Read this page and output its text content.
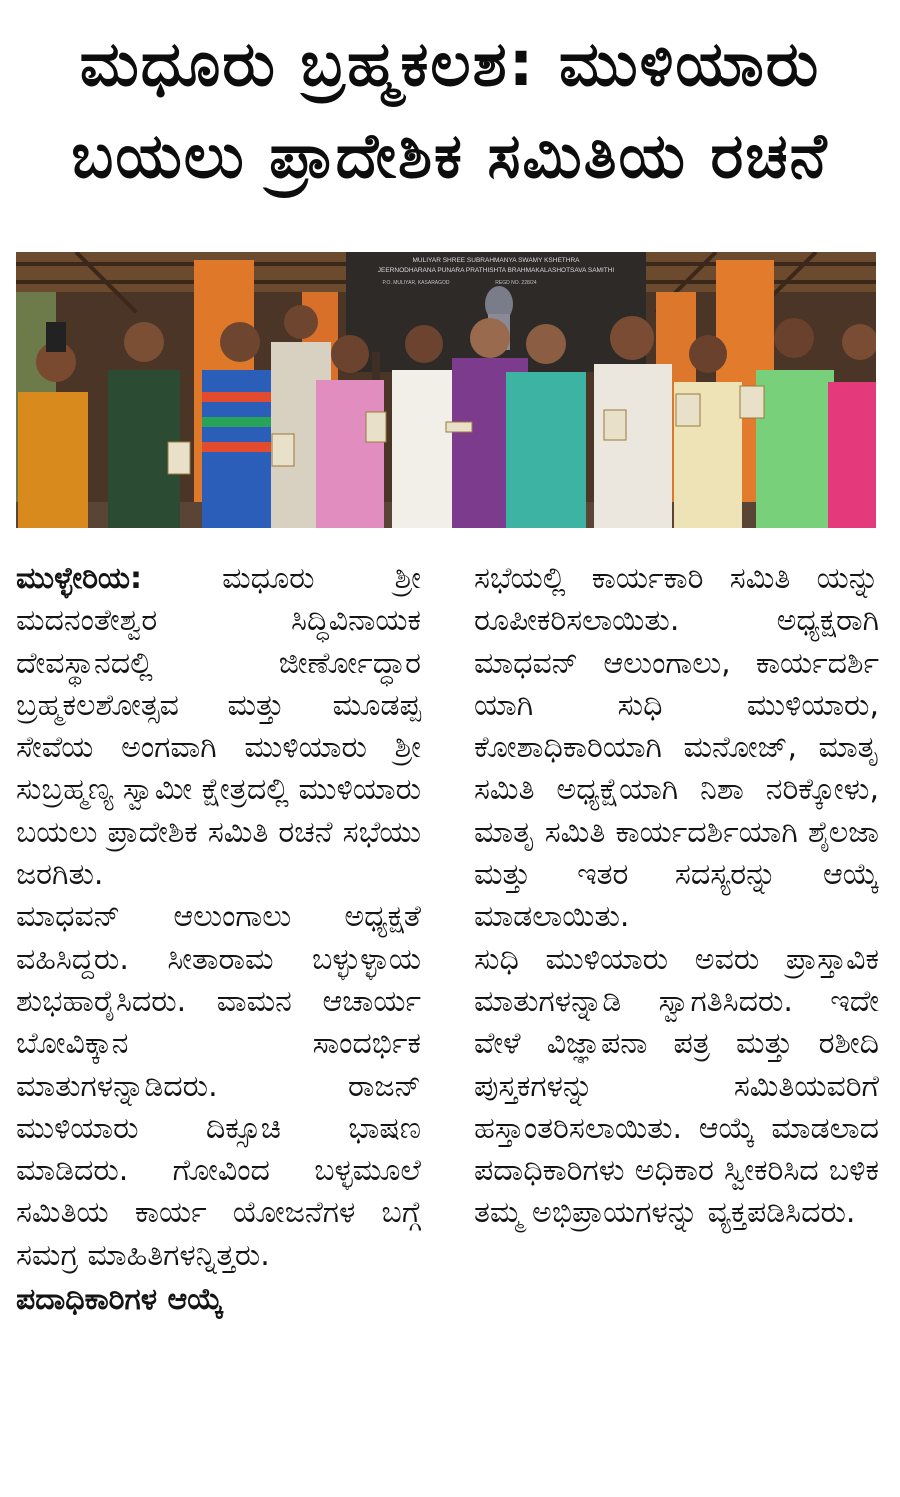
ಮಧೂರು ಬ್ರಹ್ಮಕಲಶ: ಮುಳಿಯಾರು
ಬಯಲು ಪ್ರಾದೇಶಿಕ ಸಮಿತಿಯ ರಚನೆ
MULIYAR SHREE SUBRAHMANYA SWAMY KSHETHRA
JEERNODHARANA PUNARA PRATHISHTA BRAHMAKALASHOTSAVA SAMITHI
P.O. MULIYAR, KASARAGOD	REGD NO. 228/24

ಮುಳ್ಳೇರಿಯ:	ಮಧೂರು ಶ್ರೀ ಮದನಂತೇಶ್ವರ ಸಿದ್ಧಿವಿನಾಯಕ ದೇವಸ್ಥಾನದಲ್ಲಿ ಜೀರ್ಣೋದ್ಧಾರ ಬ್ರಹ್ಮಕಲಶೋತ್ಸವ ಮತ್ತು ಮೂಡಪ್ಪ ಸೇವೆಯ ಅಂಗವಾಗಿ ಮುಳಿಯಾರು ಶ್ರೀ ಸುಬ್ರಹ್ಮಣ್ಯ ಸ್ವಾಮೀ ಕ್ಷೇತ್ರದಲ್ಲಿ ಮುಳಿಯಾರು ಬಯಲು ಪ್ರಾದೇಶಿಕ ಸಮಿತಿ ರಚನೆ ಸಭೆಯು ಜರಗಿತು.

ಮಾಧವನ್ ಆಲುಂಗಾಲು ಅಧ್ಯಕ್ಷತೆ ವಹಿಸಿದ್ದರು. ಸೀತಾರಾಮ ಬಳ್ಳುಳ್ಳಾಯ ಶುಭಹಾರೈಸಿದರು. ವಾಮನ ಆಚಾರ್ಯ ಬೋವಿಕ್ಕಾನ ಸಾಂದರ್ಭಿಕ ಮಾತುಗಳನ್ನಾಡಿದರು. ರಾಜನ್ ಮುಳಿಯಾರು ದಿಕ್ಸೂಚಿ ಭಾಷಣ ಮಾಡಿದರು. ಗೋವಿಂದ ಬಳ್ಳಮೂಲೆ ಸಮಿತಿಯ ಕಾರ್ಯ ಯೋಜನೆಗಳ ಬಗ್ಗೆ ಸಮಗ್ರ ಮಾಹಿತಿಗಳನ್ನಿತ್ತರು.

ಪದಾಧಿಕಾರಿಗಳ ಆಯ್ಕೆ

ಸಭೆಯಲ್ಲಿ ಕಾರ್ಯಕಾರಿ ಸಮಿತಿ ಯನ್ನು ರೂಪೀಕರಿಸಲಾಯಿತು. ಅಧ್ಯಕ್ಷರಾಗಿ ಮಾಧವನ್ ಆಲುಂಗಾಲು, ಕಾರ್ಯದರ್ಶಿ ಯಾಗಿ ಸುಧಿ ಮುಳಿಯಾರು, ಕೋಶಾಧಿಕಾರಿಯಾಗಿ ಮನೋಜ್, ಮಾತೃ ಸಮಿತಿ ಅಧ್ಯಕ್ಷೆಯಾಗಿ ನಿಶಾ ನರಿಕ್ಕೋಳು, ಮಾತೃ ಸಮಿತಿ ಕಾರ್ಯದರ್ಶಿಯಾಗಿ ಶೈಲಜಾ ಮತ್ತು ಇತರ ಸದಸ್ಯರನ್ನು ಆಯ್ಕೆ ಮಾಡಲಾಯಿತು.

ಸುಧಿ ಮುಳಿಯಾರು ಅವರು ಪ್ರಾಸ್ತಾವಿಕ ಮಾತುಗಳನ್ನಾಡಿ ಸ್ವಾಗತಿಸಿದರು. ಇದೇ ವೇಳೆ ವಿಜ್ಞಾಪನಾ ಪತ್ರ ಮತ್ತು ರಶೀದಿ ಪುಸ್ತಕಗಳನ್ನು ಸಮಿತಿಯವರಿಗೆ ಹಸ್ತಾಂತರಿಸಲಾಯಿತು. ಆಯ್ಕೆ ಮಾಡಲಾದ ಪದಾಧಿಕಾರಿಗಳು ಅಧಿಕಾರ ಸ್ವೀಕರಿಸಿದ ಬಳಿಕ ತಮ್ಮ ಅಭಿಪ್ರಾಯಗಳನ್ನು ವ್ಯಕ್ತಪಡಿಸಿದರು.
